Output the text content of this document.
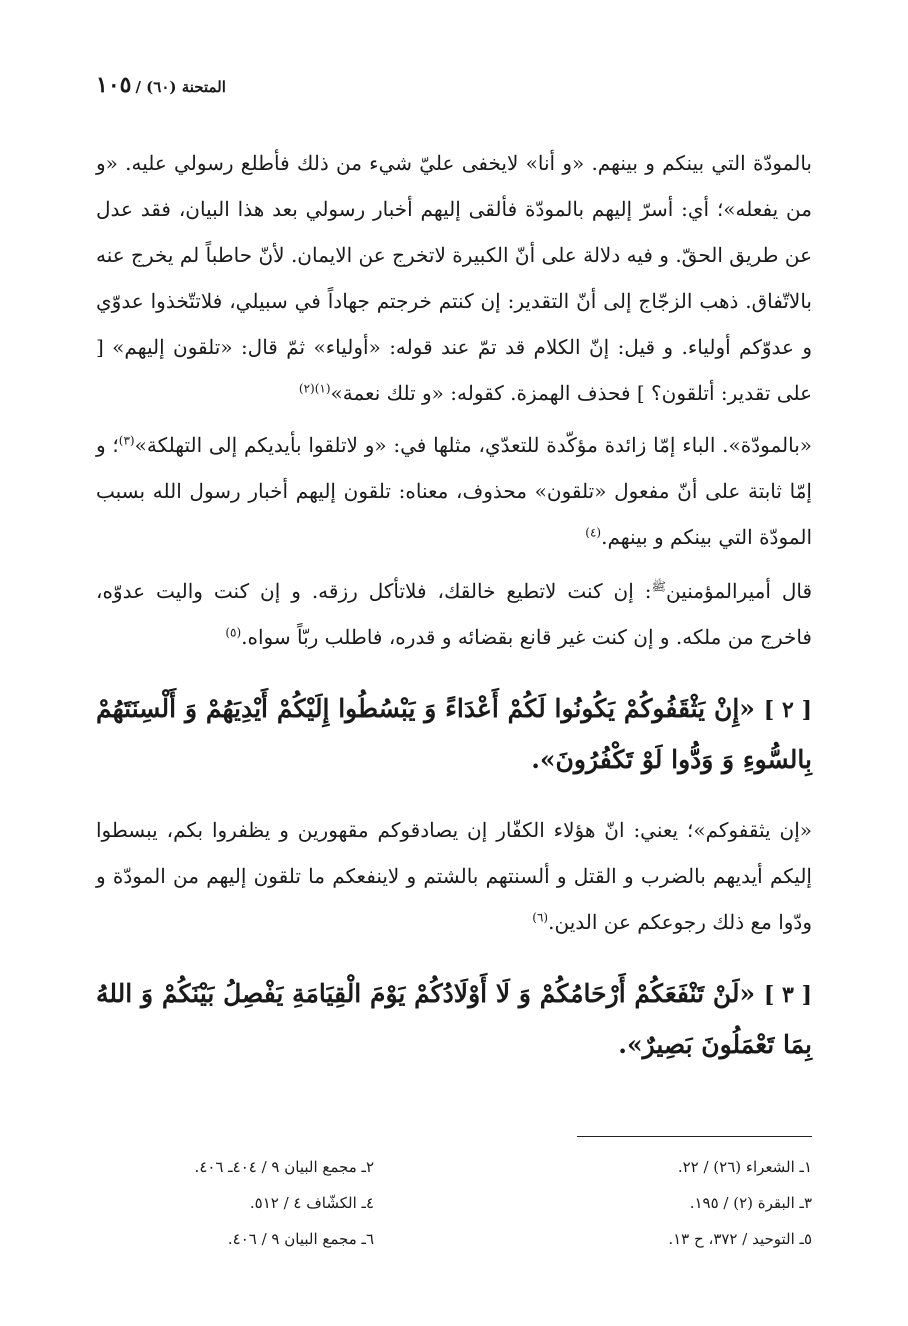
١٠٥ المتحنة (٦٠) /

بالمودّة التي بينكم و بينهم. «و أنا» لايخفى عليّ شيء من ذلك فأطلع رسولي عليه. «و من يفعله»؛ أي: أسرّ إليهم بالمودّة فألقى إليهم أخبار رسولي بعد هذا البيان، فقد عدل عن طريق الحقّ. و فيه دلالة على أنّ الكبيرة لاتخرج عن الايمان. لأنّ حاطباً لم يخرج عنه بالاتّفاق. ذهب الزجّاج إلى أنّ التقدير: إن كنتم خرجتم جهاداً في سبيلي، فلاتتّخذوا عدوّي و عدوّكم أولياء. و قيل: إنّ الكلام قد تمّ عند قوله: «أولياء» ثمّ قال: «تلقون إليهم» [ على تقدير: أتلقون؟ ] فحذف الهمزة. كقوله: «و تلك نعمة»$^{(١)(٢)}$

«بالمودّة». الباء إمّا زائدة مؤكّدة للتعدّي، مثلها في: «و لاتلقوا بأيديكم إلى التهلكة»$^{(٣)}$؛ و إمّا ثابتة على أنّ مفعول «تلقون» محذوف، معناه: تلقون إليهم أخبار رسول الله بسبب المودّة التي بينكم و بينهم.$^{(٤)}$

قال أميرالمؤمنين$^ﷺ$: إن كنت لاتطيع خالقك، فلاتأكل رزقه. و إن كنت واليت عدوّه، فاخرج من ملكه. و إن كنت غير قانع بقضائه و قدره، فاطلب ربّاً سواه.$^{(٥)}$

[ ٢ ] «إِنْ يَثْقَفُوكُمْ يَكُونُوا لَكُمْ أَعْدَاءً وَ يَبْسُطُوا إِلَيْكُمْ أَيْدِيَهُمْ وَ أَلْسِنَتَهُمْ بِالسُّوءِ وَ وَدُّوا لَوْ تَكْفُرُونَ».

«إن يثقفوكم»؛ يعني: انّ هؤلاء الكفّار إن يصادقوكم مقهورين و يظفروا بكم، يبسطوا إليكم أيديهم بالضرب و القتل و ألسنتهم بالشتم و لاينفعكم ما تلقون إليهم من المودّة و ودّوا مع ذلك رجوعكم عن الدين.$^{(٦)}$

[ ٣ ] «لَنْ تَنْفَعَكُمْ أَرْحَامُكُمْ وَ لَا أَوْلَادُكُمْ يَوْمَ الْقِيَامَةِ يَفْصِلُ بَيْنَكُمْ وَ اللهُ بِمَا تَعْمَلُونَ بَصِيرٌ».

١ـ الشعراء (٢٦) / ٢٢.
٢ـ مجمع البيان ٩ / ٤٠٤ـ ٤٠٦.
٣ـ البقرة (٢) / ١٩٥.
٤ـ الكشّاف ٤ / ٥١٢.
٥ـ التوحيد / ٣٧٢، ح ١٣.
٦ـ مجمع البيان ٩ / ٤٠٦.
